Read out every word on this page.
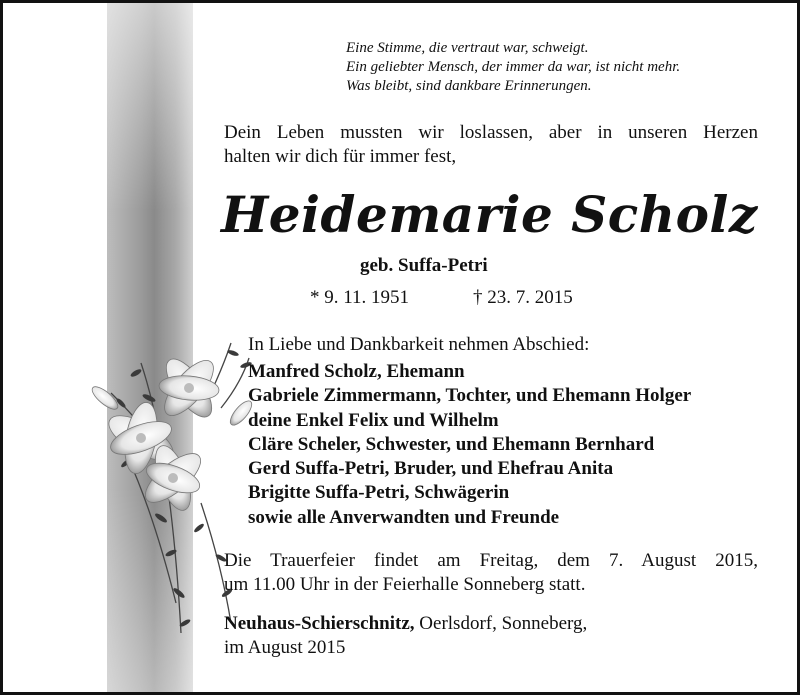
Eine Stimme, die vertraut war, schweigt.
Ein geliebter Mensch, der immer da war, ist nicht mehr.
Was bleibt, sind dankbare Erinnerungen.
Dein Leben mussten wir loslassen, aber in unseren Herzen
halten wir dich für immer fest,
Heidemarie Scholz
geb. Suffa-Petri
* 9. 11. 1951	† 23. 7. 2015
In Liebe und Dankbarkeit nehmen Abschied:
Manfred Scholz, Ehemann
Gabriele Zimmermann, Tochter, und Ehemann Holger
deine Enkel Felix und Wilhelm
Cläre Scheler, Schwester, und Ehemann Bernhard
Gerd Suffa-Petri, Bruder, und Ehefrau Anita
Brigitte Suffa-Petri, Schwägerin
sowie alle Anverwandten und Freunde
Die Trauerfeier findet am Freitag, dem 7. August 2015,
um 11.00 Uhr in der Feierhalle Sonneberg statt.
Neuhaus-Schierschnitz, Oerlsdorf, Sonneberg,
im August 2015
